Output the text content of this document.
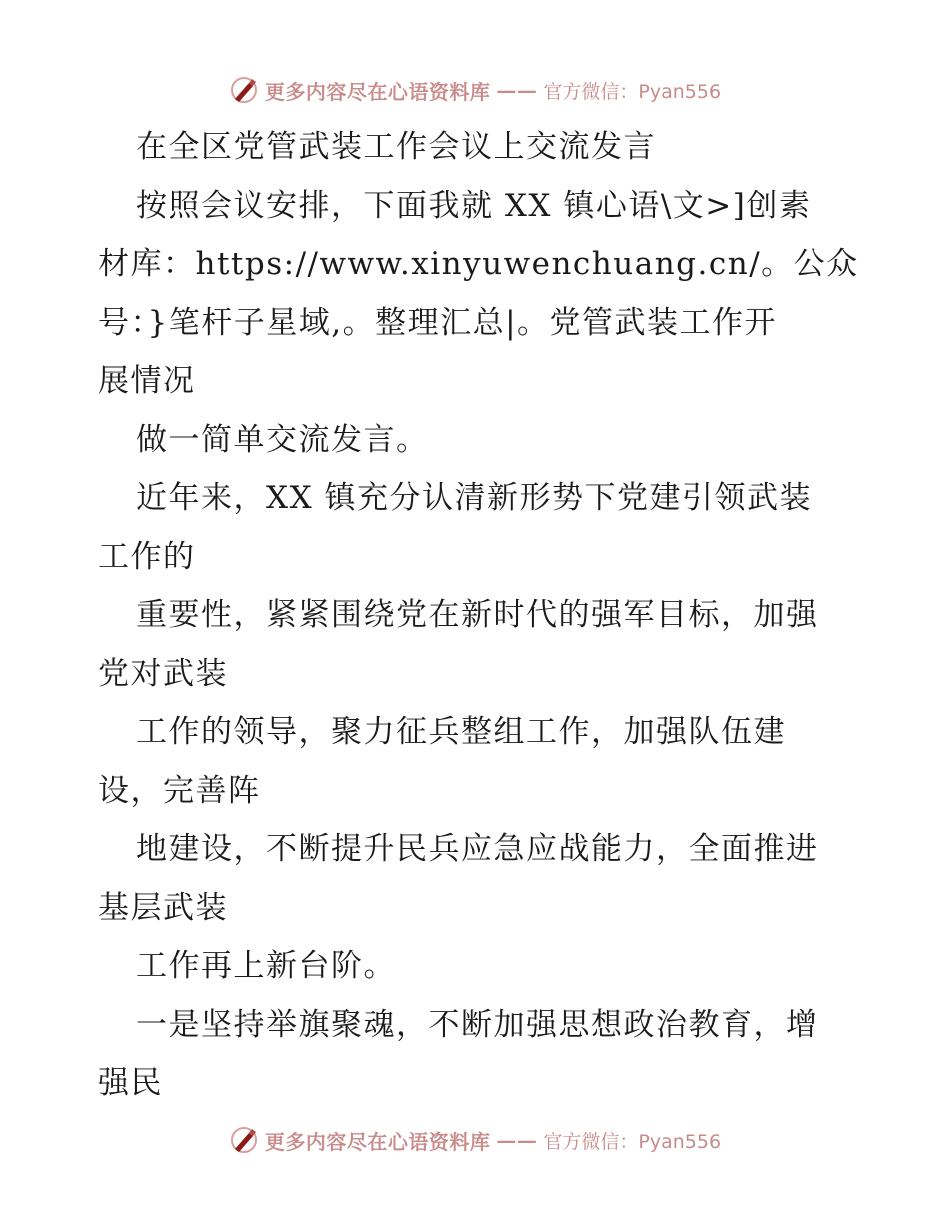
更多内容尽在心语资料库 —— 官方微信：Pyan556

在全区党管武装工作会议上交流发言

按照会议安排，下面我就 XX 镇心语\文>]创素

材库：https://www.xinyuwenchuang.cn/。公众

号：}笔杆子星域,。整理汇总|。党管武装工作开

展情况

做一简单交流发言。

近年来，XX 镇充分认清新形势下党建引领武装

工作的

重要性，紧紧围绕党在新时代的强军目标，加强

党对武装

工作的领导，聚力征兵整组工作，加强队伍建

设，完善阵

地建设，不断提升民兵应急应战能力，全面推进

基层武装

工作再上新台阶。

一是坚持举旗聚魂，不断加强思想政治教育，增

强民

更多内容尽在心语资料库 —— 官方微信：Pyan556
